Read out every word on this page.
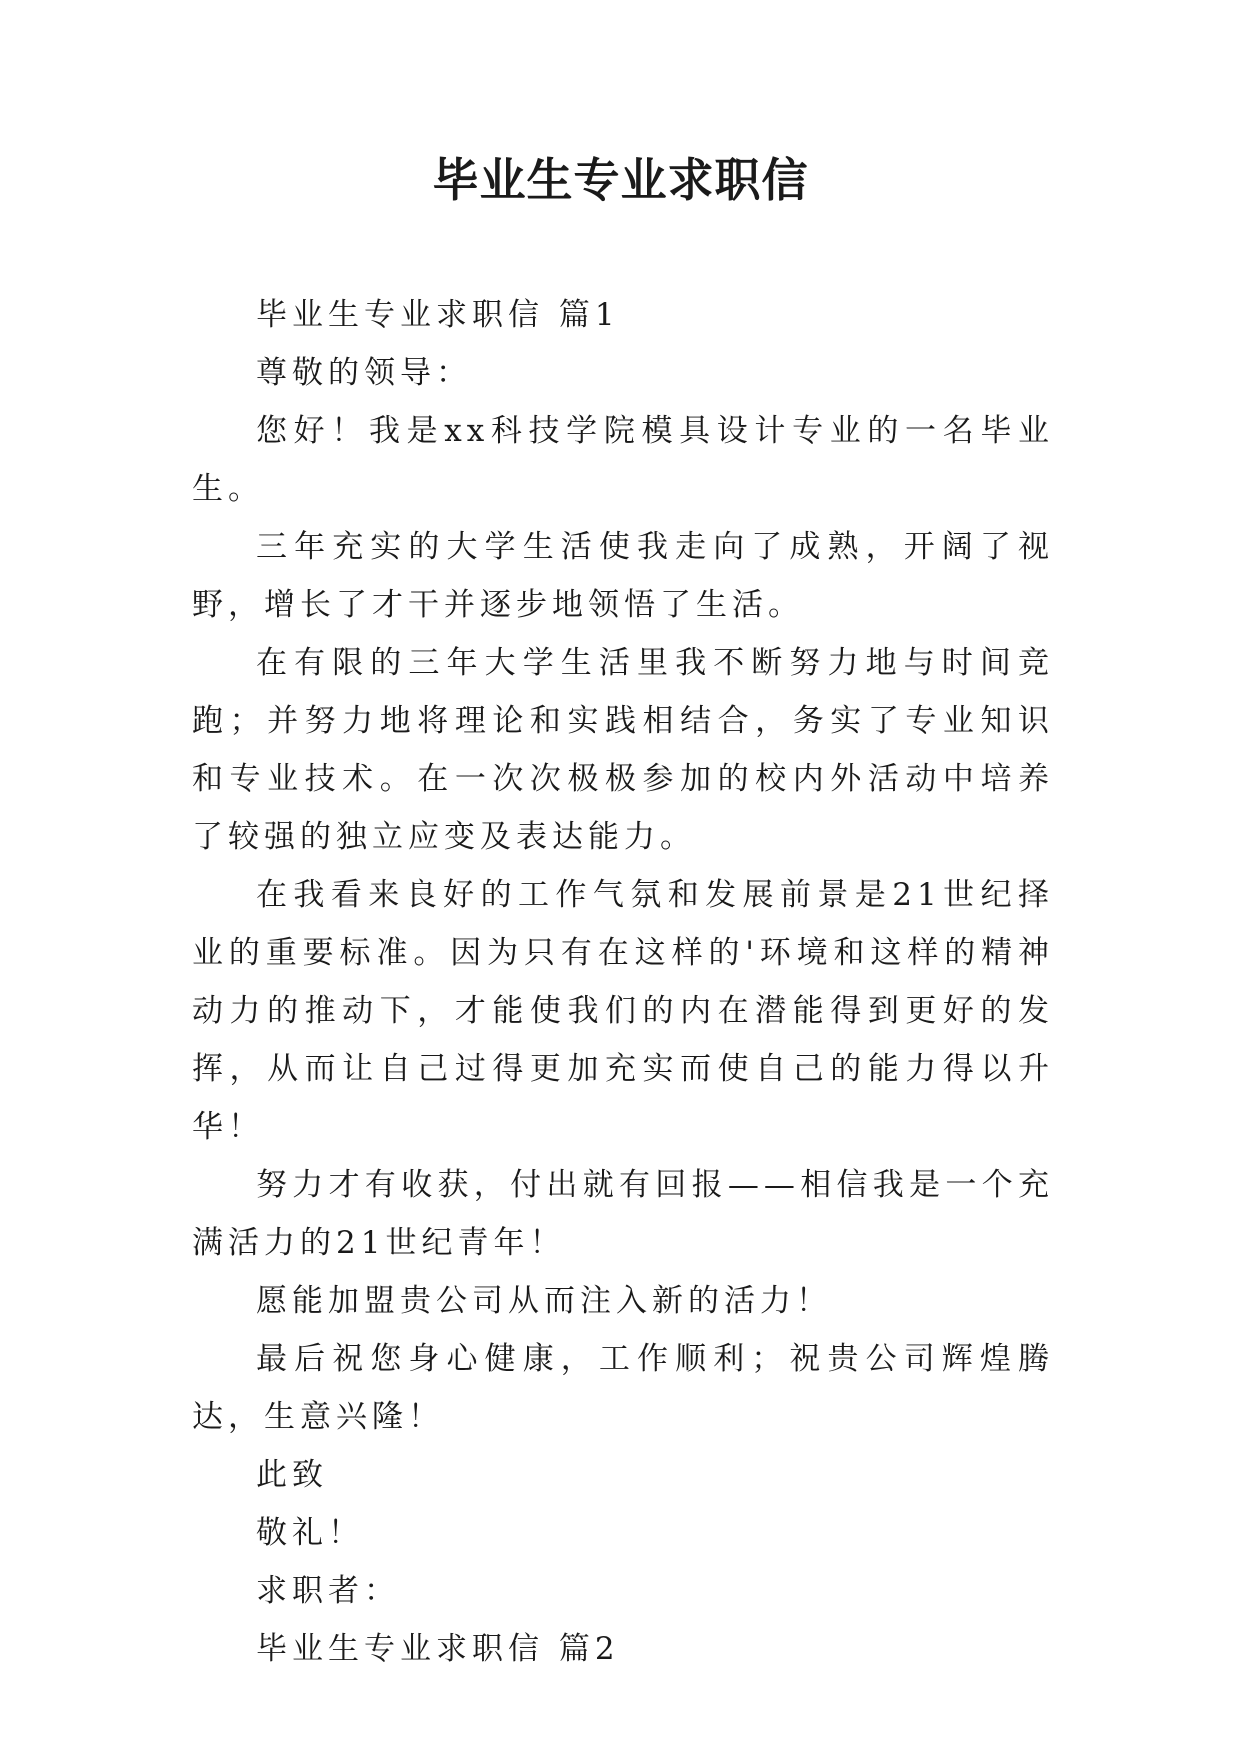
毕业生专业求职信

毕业生专业求职信 篇1

尊敬的领导：

您好！我是xx科技学院模具设计专业的一名毕业生。

三年充实的大学生活使我走向了成熟，开阔了视野，增长了才干并逐步地领悟了生活。

在有限的三年大学生活里我不断努力地与时间竞跑；并努力地将理论和实践相结合，务实了专业知识和专业技术。在一次次极极参加的校内外活动中培养了较强的独立应变及表达能力。

在我看来良好的工作气氛和发展前景是21世纪择业的重要标准。因为只有在这样的'环境和这样的精神动力的推动下，才能使我们的内在潜能得到更好的发挥，从而让自己过得更加充实而使自己的能力得以升华！

努力才有收获，付出就有回报——相信我是一个充满活力的21世纪青年！

愿能加盟贵公司从而注入新的活力！

最后祝您身心健康，工作顺利；祝贵公司辉煌腾达，生意兴隆！

此致

敬礼！

求职者：

毕业生专业求职信 篇2
